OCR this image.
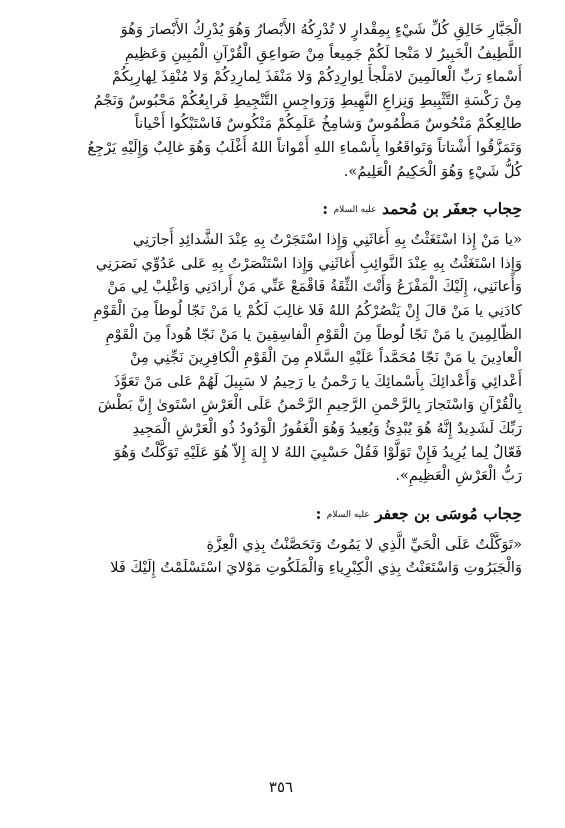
الْجَبَّارِ خَالِقِ كُلِّ شَيْءٍ بِمِقْدارٍ لا تُدْرِكُهُ الأَبْصارُ وَهُوَ يُدْرِكُ الأَبْصارَ وَهُوَ
اللَّطِيفُ الْخَبِيرُ لا مَنْجا لَكُمْ جَمِيعاً مِنْ صَواعِقِ الْقُرْآنِ الْمُبِينِ وَعَظِيمِ
أَسْماءِ رَبِّ الْعالَمِينَ لامَلْجأَ لِوارِدِكُمْ وَلا مَنْفَذَ لِمارِدِكُمْ وَلا مُنْقِذَ لِهارِبِكُمْ
مِنْ رَكْسَةِ التَّثْبِيطِ وَنِزاعِ النَّهِيطِ وَرَواجِسِ التَّنْجِيطِ فَرابِعُكُمْ مَحْبُوسٌ وَنَجْمُ
طالِعِكُمْ مَنْحُوسٌ مَطْمُوسٌ وَشامِخُ عَلَمِكُمْ مَنْكُوسٌ فَاسْتَبْكُوا أَحْياناً
وَتَمَزَّقُوا أَشْتاتاً وَتَواقَعُوا بِأَسْماءِ اللهِ أَمْواتاً اللهُ أَغْلَبُ وَهُوَ غالِبٌ وَإِلَيْهِ يَرْجِعُ
كُلُّ شَيْءٍ وَهُوَ الْحَكِيمُ الْعَلِيمُ».

حِجاب جعفَر بن مُحمد عليه السلام :

«يا مَنْ إِذا اسْتَغَثْتُ بِهِ أَغاثَنِي وَإِذا اسْتَجَرْتُ بِهِ عِنْدَ الشَّدائِدِ أَجارَنِي
وَإِذا اسْتَغَثْتُ بِهِ عِنْدَ النَّوائِبِ أَغاثَنِي وَإِذا اسْتَنْصَرْتُ بِهِ عَلى عَدُوِّي نَصَرَنِي
وَأَعانَنِي، إِلَيْكَ الْمَفْزَعُ وَأَنْتَ الثِّقَةُ فَاقْمَعْ عَنِّي مَنْ أَرادَنِي وَاغْلِبْ لِي مَنْ
كادَنِي يا مَنْ قالَ إِنْ يَنْصُرْكُمُ اللهُ فَلا غالِبَ لَكُمْ يا مَنْ نَجّا لُوطاً مِنَ الْقَوْمِ
الظّالِمِينَ يا مَنْ نَجّا لُوطاً مِنَ الْقَوْمِ الْفاسِقِينَ يا مَنْ نَجّا هُوداً مِنَ الْقَوْمِ
الْعادِينَ يا مَنْ نَجّا مُحَمَّداً عَلَيْهِ السَّلامِ مِنَ الْقَوْمِ الْكافِرِينَ نَجِّنِي مِنْ
أَعْدائِي وَأَعْدائِكَ بِأَسْمائِكَ يا رَحْمنُ يا رَحِيمُ لا سَبِيلَ لَهُمْ عَلى مَنْ تَعَوَّذَ
بِالْقُرْآنِ وَاسْتَجارَ بِالرَّحْمنِ الرَّحِيمِ الرَّحْمنُ عَلَى الْعَرْشِ اسْتَوىٰ إِنَّ بَطْشَ
رَبِّكَ لَشَدِيدٌ إِنَّهُ هُوَ يُبْدِئُ وَيُعِيدُ وَهُوَ الْغَفُورُ الْوَدُودُ ذُو الْعَرْشِ الْمَجِيدِ
فَعّالٌ لِما يُرِيدُ فَإِنْ تَوَلَّوْا فَقُلْ حَسْبِيَ اللهُ لا إِلهَ إِلاّ هُوَ عَلَيْهِ تَوَكَّلْتُ وَهُوَ
رَبُّ الْعَرْشِ الْعَظِيمِ».

حِجاب مُوسَى بن جعفر عليه السلام :

«تَوَكَّلْتُ عَلَى الْحَيِّ الَّذِي لا يَمُوتُ وَتَحَصَّنْتُ بِذِي الْعِزَّةِ
وَالْجَبَرُوتِ وَاسْتَعَنْتُ بِذِي الْكِبْرِياءِ وَالْمَلَكُوتِ مَوْلايَ اسْتَسْلَمْتُ إِلَيْكَ فَلا

٣٥٦
